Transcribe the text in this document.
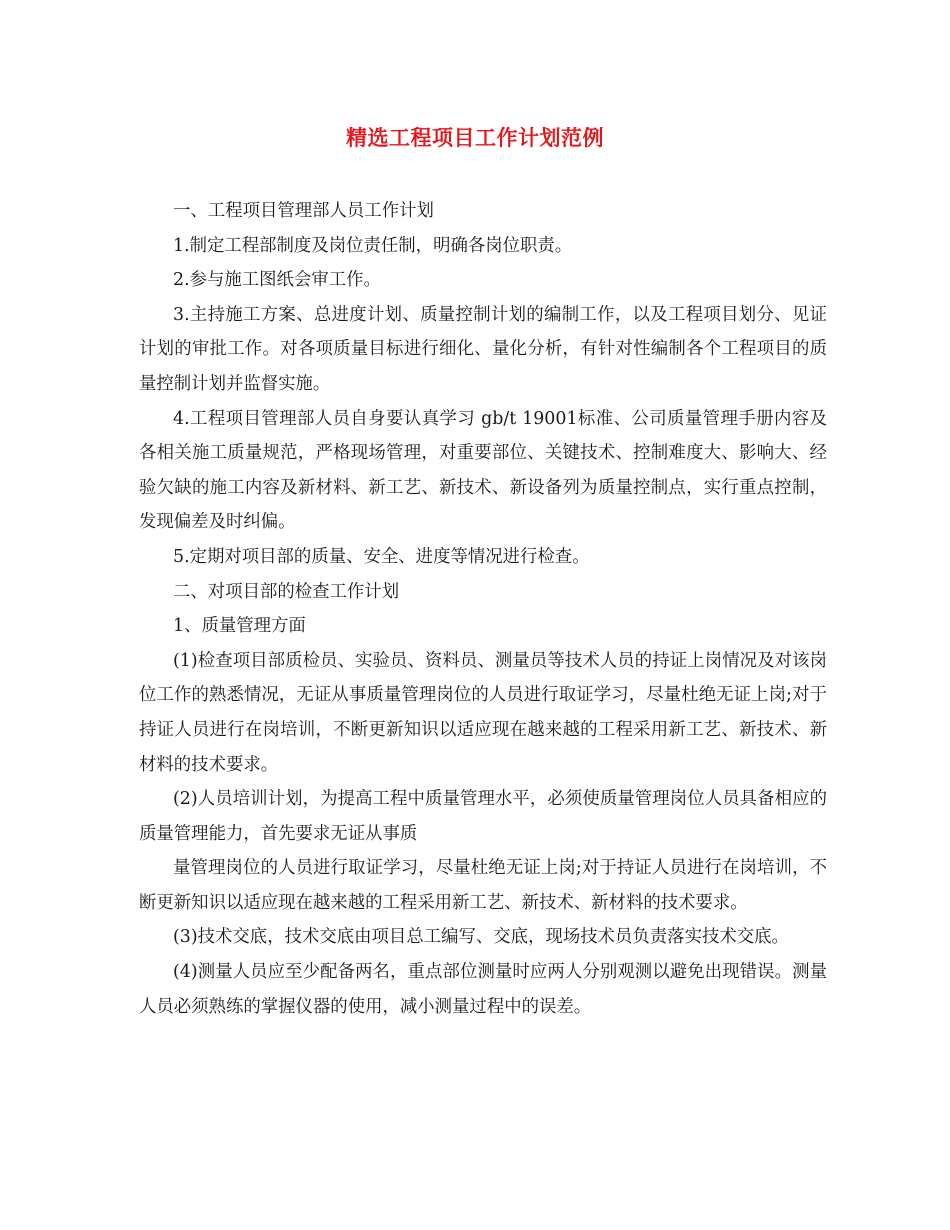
精选工程项目工作计划范例

一、工程项目管理部人员工作计划

1.制定工程部制度及岗位责任制，明确各岗位职责。

2.参与施工图纸会审工作。

3.主持施工方案、总进度计划、质量控制计划的编制工作，以及工程项目划分、见证计划的审批工作。对各项质量目标进行细化、量化分析，有针对性编制各个工程项目的质量控制计划并监督实施。

4.工程项目管理部人员自身要认真学习 gb/t 19001标准、公司质量管理手册内容及各相关施工质量规范，严格现场管理，对重要部位、关键技术、控制难度大、影响大、经验欠缺的施工内容及新材料、新工艺、新技术、新设备列为质量控制点，实行重点控制，发现偏差及时纠偏。

5.定期对项目部的质量、安全、进度等情况进行检查。

二、对项目部的检查工作计划

1、质量管理方面

(1)检查项目部质检员、实验员、资料员、测量员等技术人员的持证上岗情况及对该岗位工作的熟悉情况，无证从事质量管理岗位的人员进行取证学习，尽量杜绝无证上岗;对于持证人员进行在岗培训，不断更新知识以适应现在越来越的工程采用新工艺、新技术、新材料的技术要求。

(2)人员培训计划，为提高工程中质量管理水平，必须使质量管理岗位人员具备相应的质量管理能力，首先要求无证从事质

量管理岗位的人员进行取证学习，尽量杜绝无证上岗;对于持证人员进行在岗培训，不断更新知识以适应现在越来越的工程采用新工艺、新技术、新材料的技术要求。

(3)技术交底，技术交底由项目总工编写、交底，现场技术员负责落实技术交底。

(4)测量人员应至少配备两名，重点部位测量时应两人分别观测以避免出现错误。测量人员必须熟练的掌握仪器的使用，减小测量过程中的误差。
